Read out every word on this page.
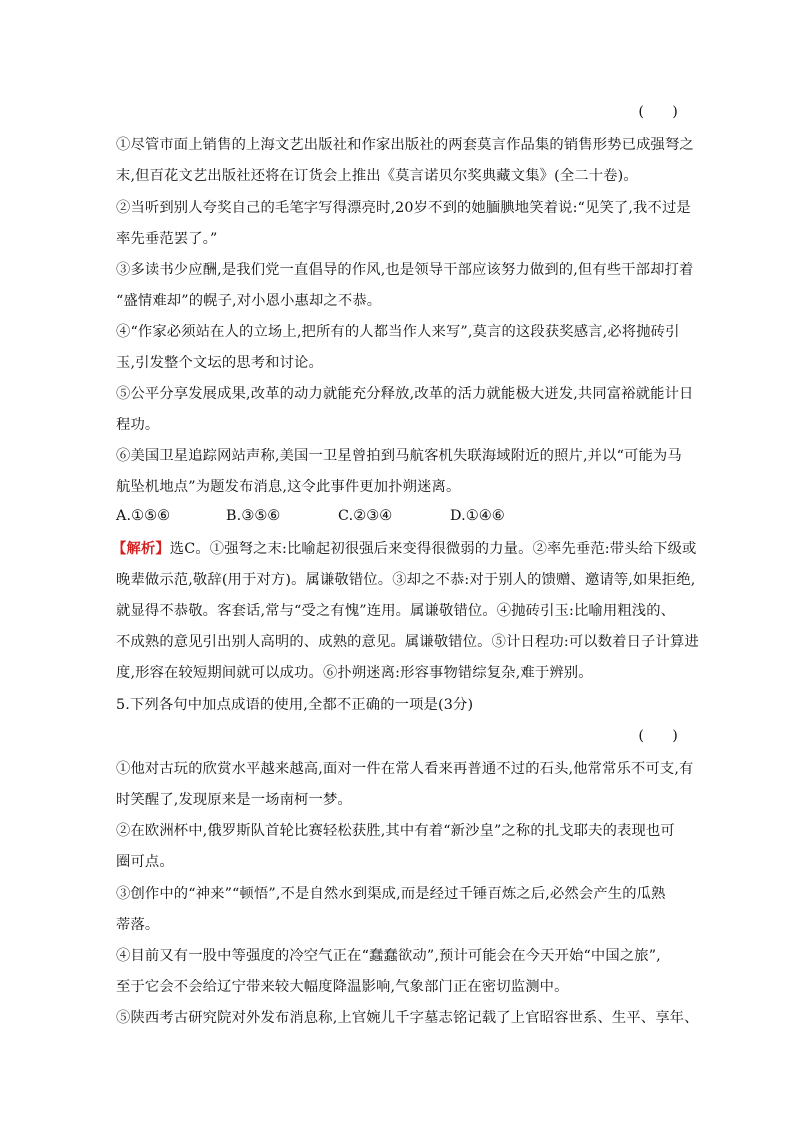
(      )
①尽管市面上销售的上海文艺出版社和作家出版社的两套莫言作品集的销售形势已成强弩之
末,但百花文艺出版社还将在订货会上推出《莫言诺贝尔奖典藏文集》(全二十卷)。
②当听到别人夸奖自己的毛笔字写得漂亮时,20岁不到的她腼腆地笑着说:“见笑了,我不过是
率先垂范罢了。”
③多读书少应酬,是我们党一直倡导的作风,也是领导干部应该努力做到的,但有些干部却打着
“盛情难却”的幌子,对小恩小惠却之不恭。
④“作家必须站在人的立场上,把所有的人都当作人来写”,莫言的这段获奖感言,必将抛砖引
玉,引发整个文坛的思考和讨论。
⑤公平分享发展成果,改革的动力就能充分释放,改革的活力就能极大迸发,共同富裕就能计日
程功。
⑥美国卫星追踪网站声称,美国一卫星曾拍到马航客机失联海域附近的照片,并以“可能为马
航坠机地点”为题发布消息,这令此事件更加扑朔迷离。
A.①⑤⑥	B.③⑤⑥	C.②③④	D.①④⑥
【解析】选C。①强弩之末:比喻起初很强后来变得很微弱的力量。②率先垂范:带头给下级或
晚辈做示范,敬辞(用于对方)。属谦敬错位。③却之不恭:对于别人的馈赠、邀请等,如果拒绝,
就显得不恭敬。客套话,常与“受之有愧”连用。属谦敬错位。④抛砖引玉:比喻用粗浅的、
不成熟的意见引出别人高明的、成熟的意见。属谦敬错位。⑤计日程功:可以数着日子计算进
度,形容在较短期间就可以成功。⑥扑朔迷离:形容事物错综复杂,难于辨别。
5.下列各句中加点成语的使用,全都不正确的一项是(3分)
(      )
①他对古玩的欣赏水平越来越高,面对一件在常人看来再普通不过的石头,他常常乐不可支,有
时笑醒了,发现原来是一场南柯一梦。
②在欧洲杯中,俄罗斯队首轮比赛轻松获胜,其中有着“新沙皇”之称的扎戈耶夫的表现也可
圈可点。
③创作中的“神来”“顿悟”,不是自然水到渠成,而是经过千锤百炼之后,必然会产生的瓜熟
蒂落。
④目前又有一股中等强度的冷空气正在“蠢蠢欲动”,预计可能会在今天开始“中国之旅”,
至于它会不会给辽宁带来较大幅度降温影响,气象部门正在密切监测中。
⑤陕西考古研究院对外发布消息称,上官婉儿千字墓志铭记载了上官昭容世系、生平、享年、
